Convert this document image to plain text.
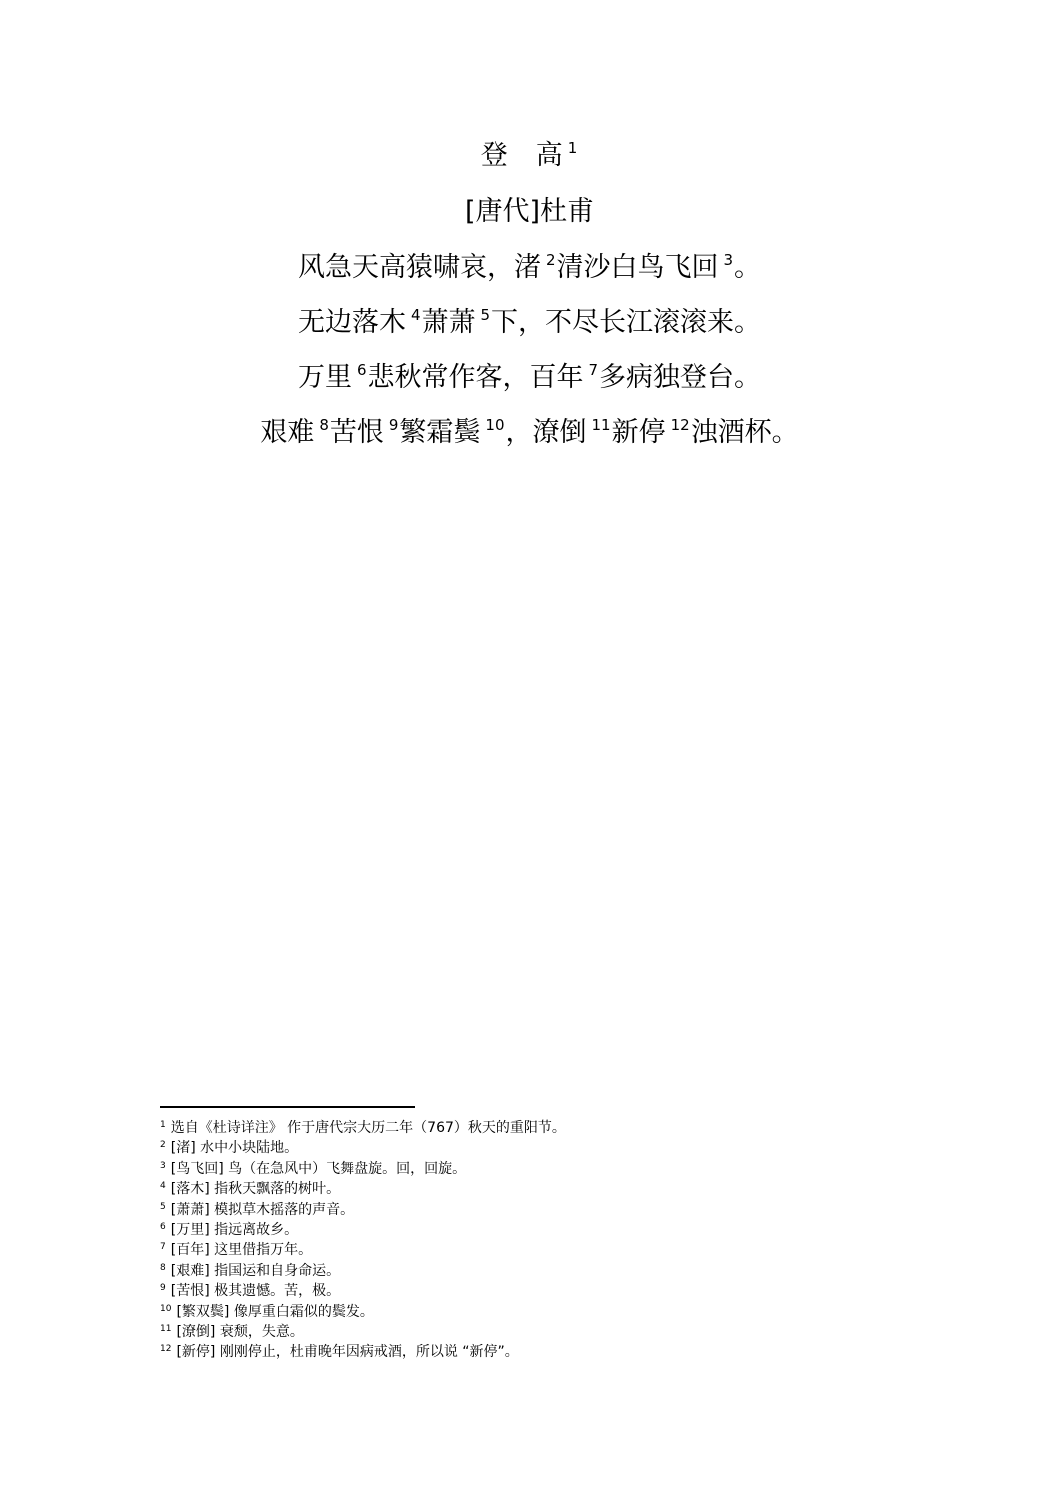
登 高 $^1$
[唐代]杜甫
风急天高猿啸哀，渚 $^2$清沙白鸟飞回 $^3$。
无边落木 $^4$萧萧 $^5$下，不尽长江滚滚来。
万里 $^6$悲秋常作客，百年 $^7$多病独登台。
艰难 $^8$苦恨 $^9$繁霜鬓 $^{10}$，潦倒 $^{11}$新停 $^{12}$浊酒杯。
$^1$ 选自《杜诗详注》 作于唐代宗大历二年（767）秋天的重阳节。
$^2$ [渚] 水中小块陆地。
$^3$ [鸟飞回] 鸟（在急风中）飞舞盘旋。回，回旋。
$^4$ [落木] 指秋天飘落的树叶。
$^5$ [萧萧] 模拟草木摇落的声音。
$^6$ [万里] 指远离故乡。
$^7$ [百年] 这里借指万年。
$^8$ [艰难] 指国运和自身命运。
$^9$ [苦恨] 极其遗憾。苦，极。
$^{10}$ [繁双鬓] 像厚重白霜似的鬓发。
$^{11}$ [潦倒] 衰颓，失意。
$^{12}$ [新停] 刚刚停止，杜甫晚年因病戒酒，所以说 “新停”。
